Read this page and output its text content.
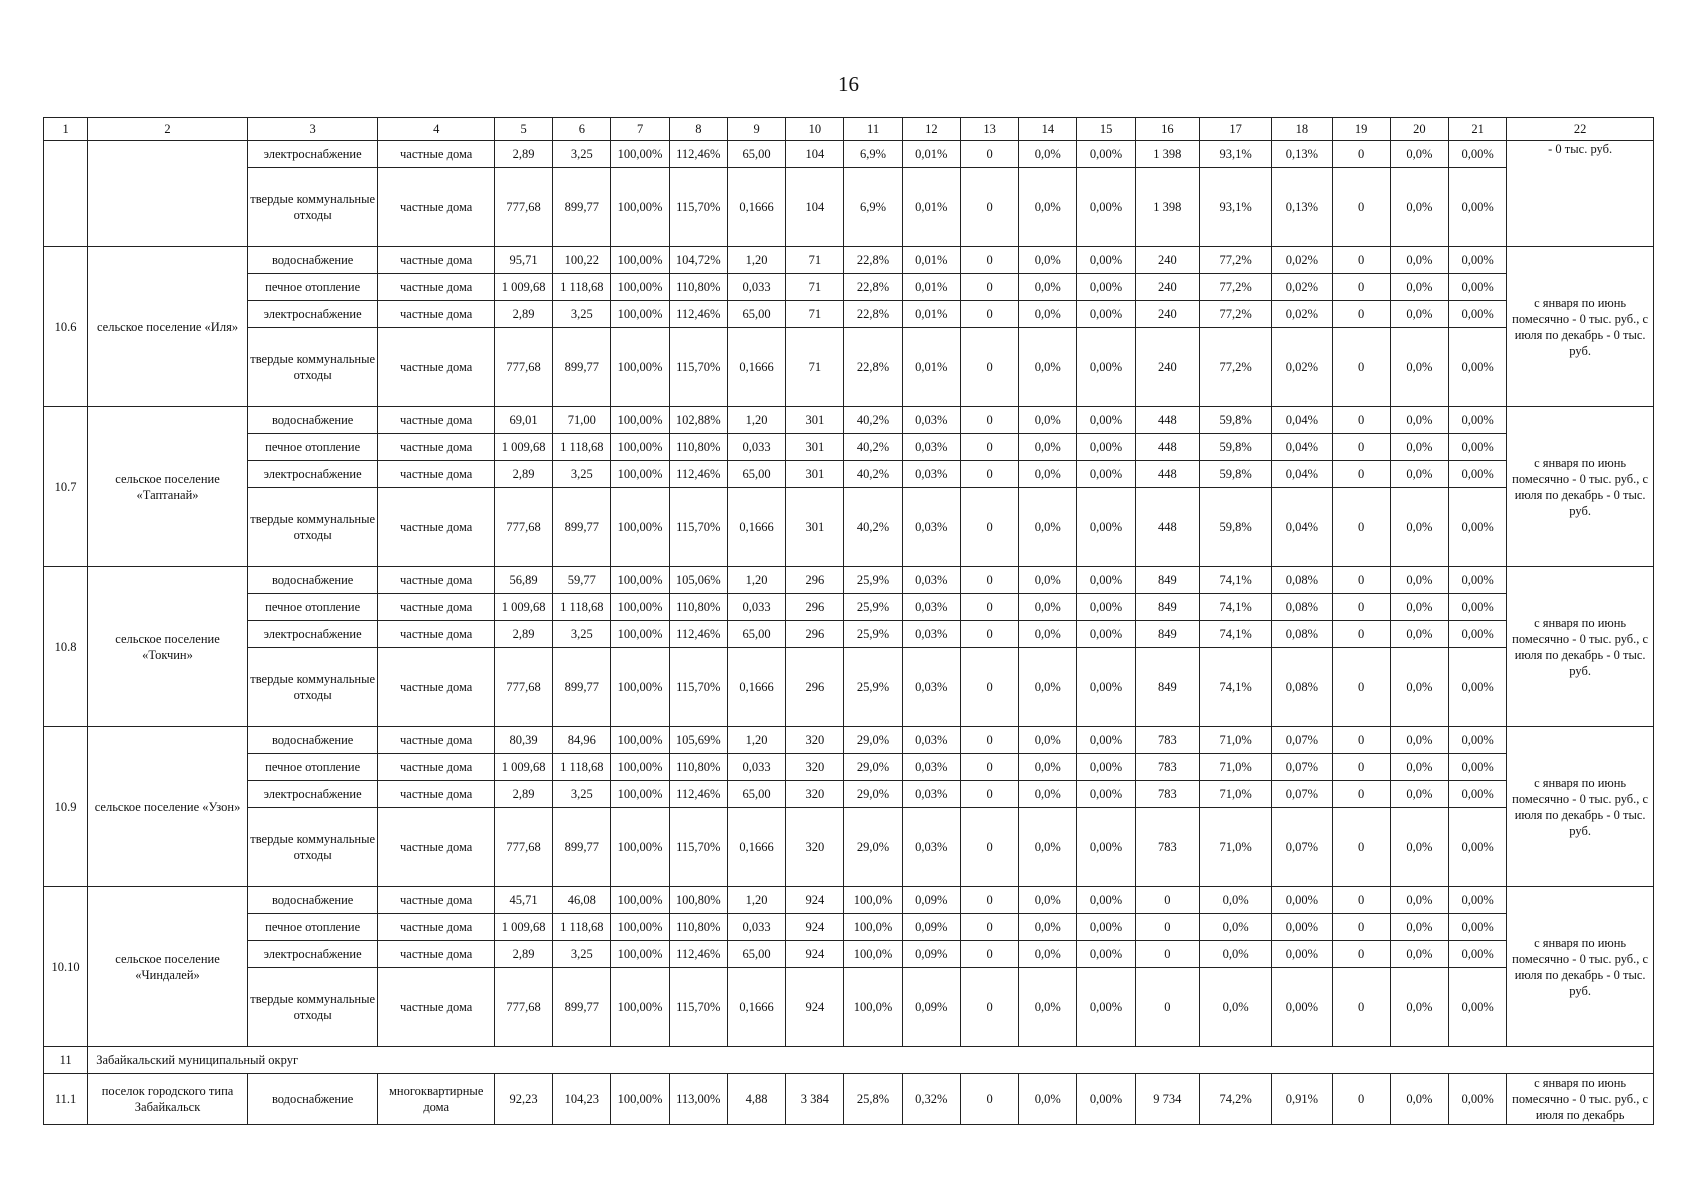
16
1	2	3	4	5	6	7	8	9	10	11	12	13	14	15	16	17	18	19	20	21	22
		электроснабжение	частные дома	2,89	3,25	100,00%	112,46%	65,00	104	6,9%	0,01%	0	0,0%	0,00%	1 398	93,1%	0,13%	0	0,0%	0,00%	- 0 тыс. руб.
		твердые коммунальные отходы	частные дома	777,68	899,77	100,00%	115,70%	0,1666	104	6,9%	0,01%	0	0,0%	0,00%	1 398	93,1%	0,13%	0	0,0%	0,00%	
10.6	сельское поселение «Иля»	водоснабжение	частные дома	95,71	100,22	100,00%	104,72%	1,20	71	22,8%	0,01%	0	0,0%	0,00%	240	77,2%	0,02%	0	0,0%	0,00%	с января по июнь помесячно - 0 тыс. руб., с июля по декабрь - 0 тыс. руб.
		печное отопление	частные дома	1 009,68	1 118,68	100,00%	110,80%	0,033	71	22,8%	0,01%	0	0,0%	0,00%	240	77,2%	0,02%	0	0,0%	0,00%	
		электроснабжение	частные дома	2,89	3,25	100,00%	112,46%	65,00	71	22,8%	0,01%	0	0,0%	0,00%	240	77,2%	0,02%	0	0,0%	0,00%	
		твердые коммунальные отходы	частные дома	777,68	899,77	100,00%	115,70%	0,1666	71	22,8%	0,01%	0	0,0%	0,00%	240	77,2%	0,02%	0	0,0%	0,00%	
10.7	сельское поселение «Таптанай»	водоснабжение	частные дома	69,01	71,00	100,00%	102,88%	1,20	301	40,2%	0,03%	0	0,0%	0,00%	448	59,8%	0,04%	0	0,0%	0,00%	с января по июнь помесячно - 0 тыс. руб., с июля по декабрь - 0 тыс. руб.
		печное отопление	частные дома	1 009,68	1 118,68	100,00%	110,80%	0,033	301	40,2%	0,03%	0	0,0%	0,00%	448	59,8%	0,04%	0	0,0%	0,00%	
		электроснабжение	частные дома	2,89	3,25	100,00%	112,46%	65,00	301	40,2%	0,03%	0	0,0%	0,00%	448	59,8%	0,04%	0	0,0%	0,00%	
		твердые коммунальные отходы	частные дома	777,68	899,77	100,00%	115,70%	0,1666	301	40,2%	0,03%	0	0,0%	0,00%	448	59,8%	0,04%	0	0,0%	0,00%	
10.8	сельское поселение «Токчин»	водоснабжение	частные дома	56,89	59,77	100,00%	105,06%	1,20	296	25,9%	0,03%	0	0,0%	0,00%	849	74,1%	0,08%	0	0,0%	0,00%	с января по июнь помесячно - 0 тыс. руб., с июля по декабрь - 0 тыс. руб.
		печное отопление	частные дома	1 009,68	1 118,68	100,00%	110,80%	0,033	296	25,9%	0,03%	0	0,0%	0,00%	849	74,1%	0,08%	0	0,0%	0,00%	
		электроснабжение	частные дома	2,89	3,25	100,00%	112,46%	65,00	296	25,9%	0,03%	0	0,0%	0,00%	849	74,1%	0,08%	0	0,0%	0,00%	
		твердые коммунальные отходы	частные дома	777,68	899,77	100,00%	115,70%	0,1666	296	25,9%	0,03%	0	0,0%	0,00%	849	74,1%	0,08%	0	0,0%	0,00%	
10.9	сельское поселение «Узон»	водоснабжение	частные дома	80,39	84,96	100,00%	105,69%	1,20	320	29,0%	0,03%	0	0,0%	0,00%	783	71,0%	0,07%	0	0,0%	0,00%	с января по июнь помесячно - 0 тыс. руб., с июля по декабрь - 0 тыс. руб.
		печное отопление	частные дома	1 009,68	1 118,68	100,00%	110,80%	0,033	320	29,0%	0,03%	0	0,0%	0,00%	783	71,0%	0,07%	0	0,0%	0,00%	
		электроснабжение	частные дома	2,89	3,25	100,00%	112,46%	65,00	320	29,0%	0,03%	0	0,0%	0,00%	783	71,0%	0,07%	0	0,0%	0,00%	
		твердые коммунальные отходы	частные дома	777,68	899,77	100,00%	115,70%	0,1666	320	29,0%	0,03%	0	0,0%	0,00%	783	71,0%	0,07%	0	0,0%	0,00%	
10.10	сельское поселение «Чиндалей»	водоснабжение	частные дома	45,71	46,08	100,00%	100,80%	1,20	924	100,0%	0,09%	0	0,0%	0,00%	0	0,0%	0,00%	0	0,0%	0,00%	с января по июнь помесячно - 0 тыс. руб., с июля по декабрь - 0 тыс. руб.
		печное отопление	частные дома	1 009,68	1 118,68	100,00%	110,80%	0,033	924	100,0%	0,09%	0	0,0%	0,00%	0	0,0%	0,00%	0	0,0%	0,00%	
		электроснабжение	частные дома	2,89	3,25	100,00%	112,46%	65,00	924	100,0%	0,09%	0	0,0%	0,00%	0	0,0%	0,00%	0	0,0%	0,00%	
		твердые коммунальные отходы	частные дома	777,68	899,77	100,00%	115,70%	0,1666	924	100,0%	0,09%	0	0,0%	0,00%	0	0,0%	0,00%	0	0,0%	0,00%	
11	Забайкальский муниципальный округ																				
11.1	поселок городского типа Забайкальск	водоснабжение	многоквартирные дома	92,23	104,23	100,00%	113,00%	4,88	3 384	25,8%	0,32%	0	0,0%	0,00%	9 734	74,2%	0,91%	0	0,0%	0,00%	с января по июнь помесячно - 0 тыс. руб., с июля по декабрь
